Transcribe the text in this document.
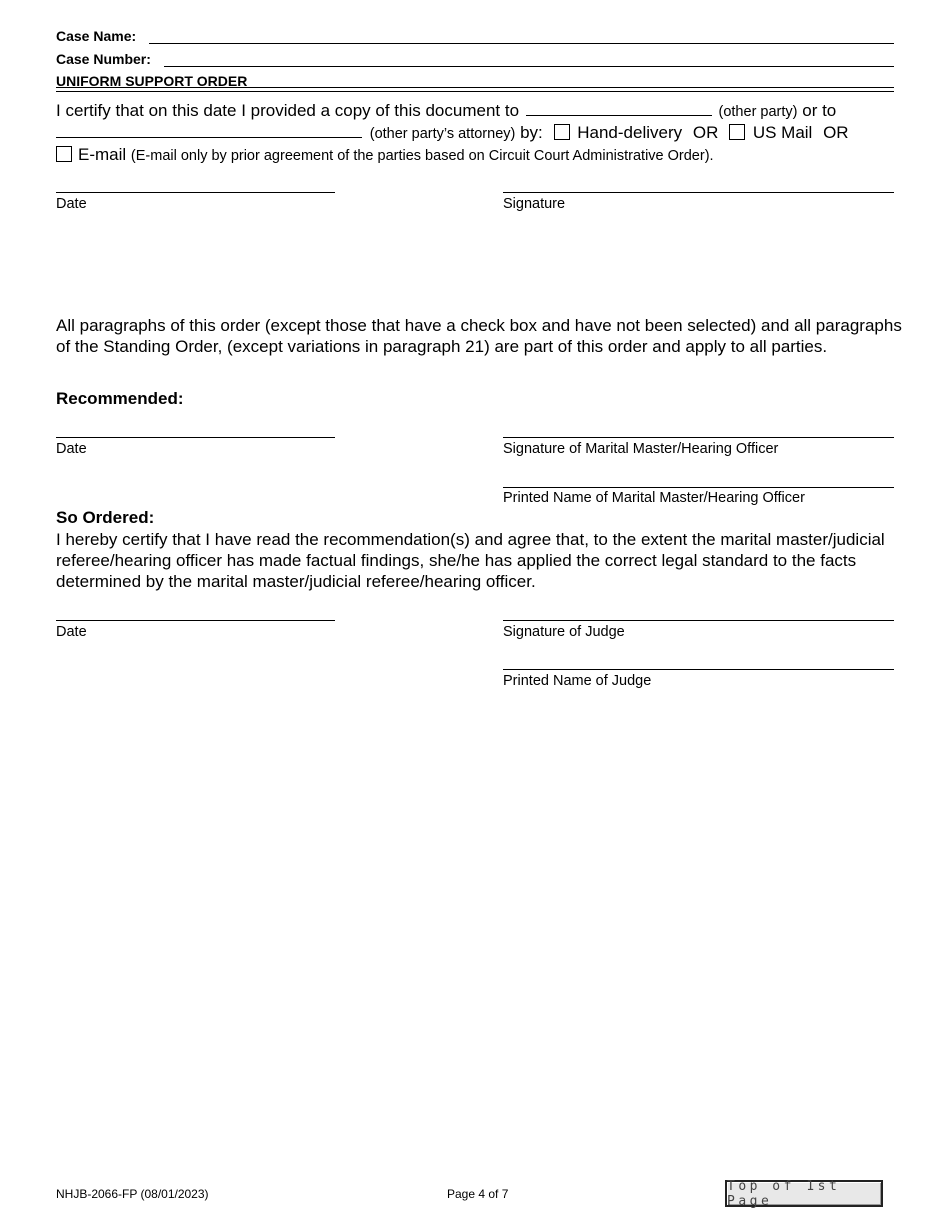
Case Name:
Case Number:
UNIFORM SUPPORT ORDER
I certify that on this date I provided a copy of this document to	(other party) or to
(other party’s attorney) by: Hand-delivery OR US Mail OR
E-mail (E-mail only by prior agreement of the parties based on Circuit Court Administrative Order).
Date	Signature
All paragraphs of this order (except those that have a check box and have not been selected) and all paragraphs of the Standing Order, (except variations in paragraph 21) are part of this order and apply to all parties.
Recommended:
Date	Signature of Marital Master/Hearing Officer
Printed Name of Marital Master/Hearing Officer
So Ordered:
I hereby certify that I have read the recommendation(s) and agree that, to the extent the marital master/judicial referee/hearing officer has made factual findings, she/he has applied the correct legal standard to the facts determined by the marital master/judicial referee/hearing officer.
Date	Signature of Judge
Printed Name of Judge
NHJB-2066-FP (08/01/2023)	Page 4 of 7
Top of 1st Page
